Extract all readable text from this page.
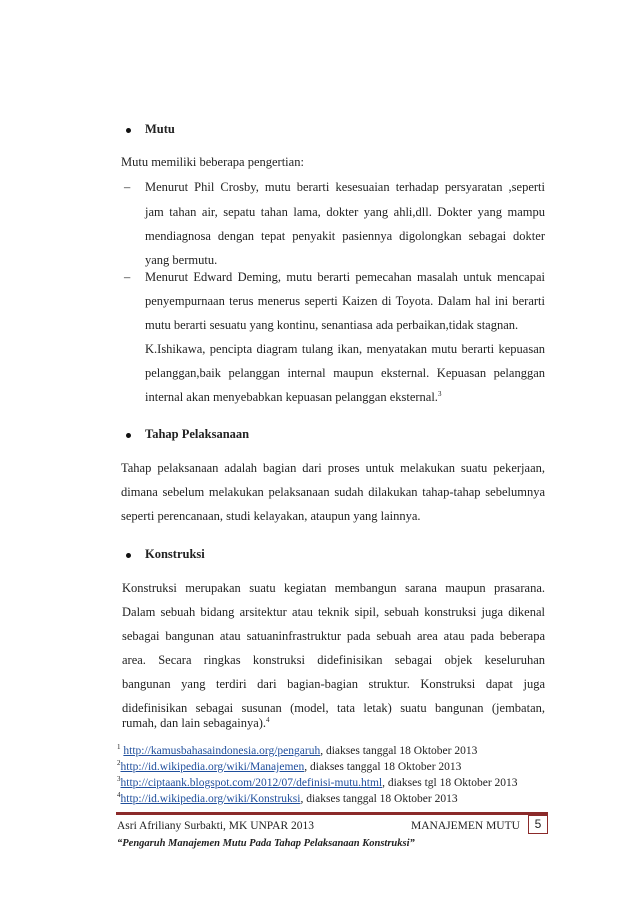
Mutu
Mutu memiliki beberapa pengertian:
– Menurut Phil Crosby, mutu berarti kesesuaian terhadap persyaratan ,seperti
jam tahan air, sepatu tahan lama, dokter yang ahli,dll. Dokter yang mampu
mendiagnosa dengan tepat penyakit pasiennya digolongkan sebagai dokter
yang bermutu.
– Menurut Edward Deming, mutu berarti pemecahan masalah untuk mencapai
penyempurnaan terus menerus seperti Kaizen di Toyota. Dalam hal ini berarti
mutu berarti sesuatu yang kontinu, senantiasa ada perbaikan,tidak stagnan.
K.Ishikawa, pencipta diagram tulang ikan, menyatakan mutu berarti kepuasan
pelanggan,baik pelanggan internal maupun eksternal. Kepuasan pelanggan
internal akan menyebabkan kepuasan pelanggan eksternal.$^3$
Tahap Pelaksanaan
Tahap pelaksanaan adalah bagian dari proses untuk melakukan suatu pekerjaan,
dimana sebelum melakukan pelaksanaan sudah dilakukan tahap-tahap sebelumnya
seperti perencanaan, studi kelayakan, ataupun yang lainnya.
Konstruksi
Konstruksi merupakan suatu kegiatan membangun sarana maupun prasarana.
Dalam sebuah bidang arsitektur atau teknik sipil, sebuah konstruksi juga dikenal
sebagai bangunan atau satuaninfrastruktur pada sebuah area atau pada beberapa
area. Secara ringkas konstruksi didefinisikan sebagai objek keseluruhan
bangunan yang terdiri dari bagian-bagian struktur. Konstruksi dapat juga
didefinisikan sebagai susunan (model, tata letak) suatu bangunan (jembatan,
rumah, dan lain sebagainya).$^4$
$^1$ http://kamusbahasaindonesia.org/pengaruh, diakses tanggal 18 Oktober 2013
$^2$http://id.wikipedia.org/wiki/Manajemen, diakses tanggal 18 Oktober 2013
$^3$http://ciptaank.blogspot.com/2012/07/definisi-mutu.html, diakses tgl 18 Oktober 2013
$^4$http://id.wikipedia.org/wiki/Konstruksi, diakses tanggal 18 Oktober 2013
Asri Afriliany Surbakti, MK UNPAR 2013	MANAJEMEN MUTU	5
“Pengaruh Manajemen Mutu Pada Tahap Pelaksanaan Konstruksi”
